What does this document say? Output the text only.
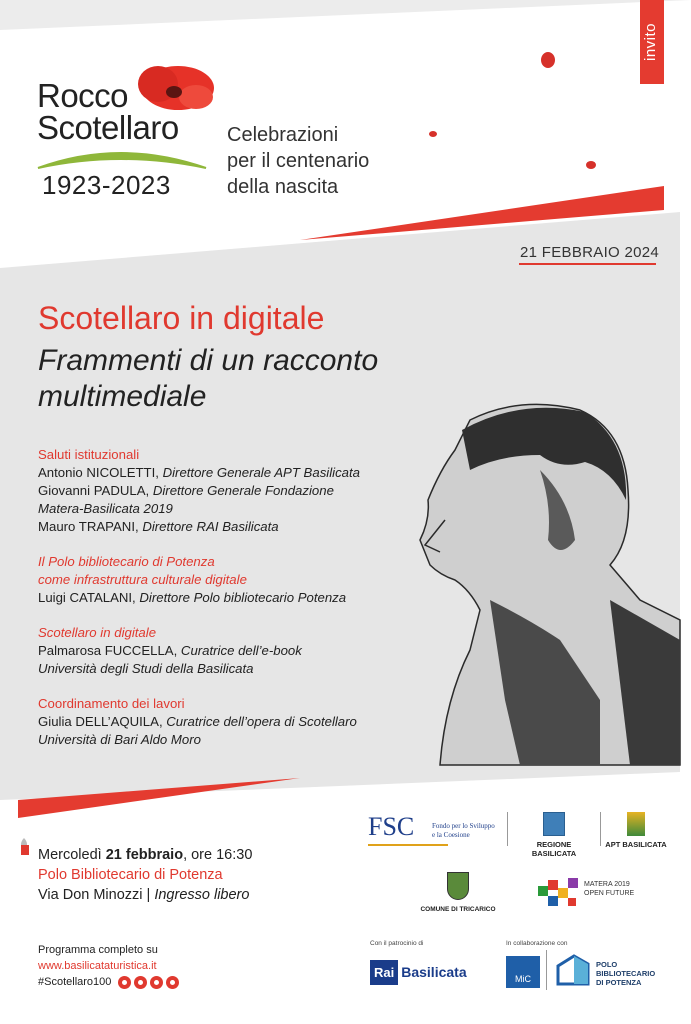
invito
Rocco
Scotellaro
1923-2023
Celebrazioni
per il centenario
della nascita
21 FEBBRAIO 2024
Scotellaro in digitale
Frammenti di un racconto
multimediale
Saluti istituzionali
Antonio NICOLETTI, Direttore Generale APT Basilicata
Giovanni PADULA, Direttore Generale Fondazione
Matera-Basilicata 2019
Mauro TRAPANI, Direttore RAI Basilicata
Il Polo bibliotecario di Potenza
come infrastruttura culturale digitale
Luigi CATALANI, Direttore Polo bibliotecario Potenza
Scotellaro in digitale
Palmarosa FUCCELLA, Curatrice dell’e-book
Università degli Studi della Basilicata
Coordinamento dei lavori
Giulia DELL’AQUILA, Curatrice dell’opera di Scotellaro
Università di Bari Aldo Moro
Mercoledì 21 febbraio, ore 16:30
Polo Bibliotecario di Potenza
Via Don Minozzi | Ingresso libero
Programma completo su
www.basilicataturistica.it
#Scotellaro100
FSC	Fondo per lo Sviluppo
e la Coesione
REGIONE BASILICATA
APT BASILICATA
COMUNE DI TRICARICO
MATERA 2019
OPEN FUTURE
Con il patrocinio di	In collaborazione con
Rai Basilicata	MiC
POLO
BIBLIOTECARIO
DI POTENZA
